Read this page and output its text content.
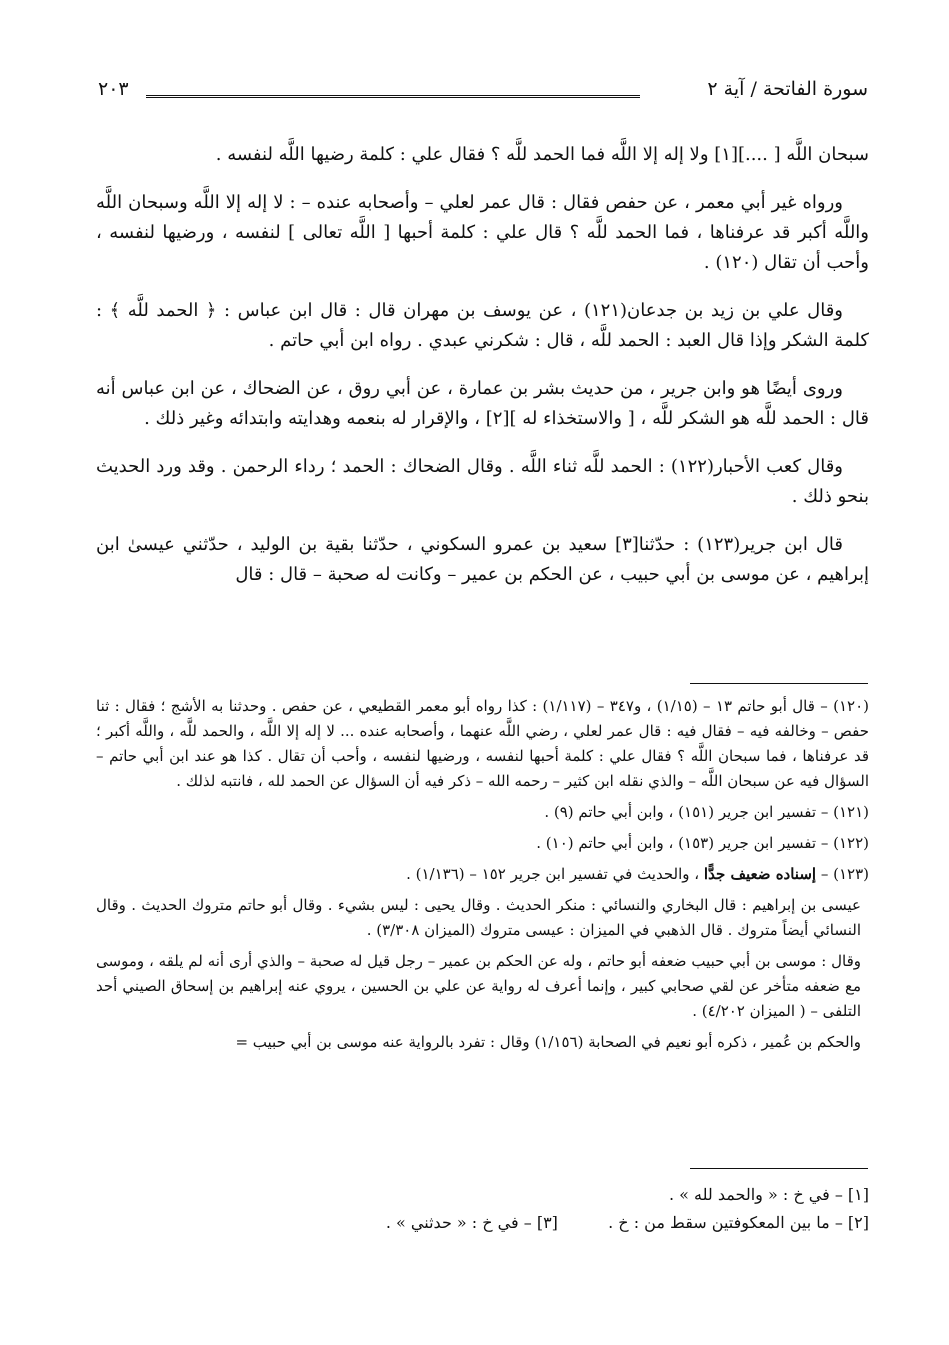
سورة الفاتحة / آية ٢
٢٠٣

سبحان اللَّه [ ....][١] ولا إله إلا اللَّه فما الحمد للَّه ؟ فقال علي : كلمة رضيها اللَّه لنفسه .

ورواه غير أبي معمر ، عن حفص فقال : قال عمر لعلي – وأصحابه عنده – : لا إله إلا اللَّه وسبحان اللَّه واللَّه أكبر قد عرفناها ، فما الحمد للَّه ؟ قال علي : كلمة أحبها [ اللَّه تعالى ] لنفسه ، ورضيها لنفسه ، وأحب أن تقال (١٢٠) .

وقال علي بن زيد بن جدعان(١٢١) ، عن يوسف بن مهران قال : قال ابن عباس : ﴿ الحمد للَّه ﴾ : كلمة الشكر وإذا قال العبد : الحمد للَّه ، قال : شكرني عبدي . رواه ابن أبي حاتم .

وروى أيضًا هو وابن جرير ، من حديث بشر بن عمارة ، عن أبي روق ، عن الضحاك ، عن ابن عباس أنه قال : الحمد للَّه هو الشكر للَّه ، [ والاستخذاء له ][٢] ، والإقرار له بنعمه وهدايته وابتدائه وغير ذلك .

وقال كعب الأحبار(١٢٢) : الحمد للَّه ثناء اللَّه . وقال الضحاك : الحمد ؛ رداء الرحمن . وقد ورد الحديث بنحو ذلك .

قال ابن جرير(١٢٣) : حدّثنا[٣] سعيد بن عمرو السكوني ، حدّثنا بقية بن الوليد ، حدّثني عيسىٰ ابن إبراهيم ، عن موسى بن أبي حبيب ، عن الحكم بن عمير – وكانت له صحبة – قال : قال

(١٢٠) – قال أبو حاتم ١٣ – (١/١٥) ، و٣٤٧ – (١/١١٧) : كذا رواه أبو معمر القطيعي ، عن حفص . وحدثنا به الأشج ؛ فقال : ثنا حفص – وخالفه فيه – فقال فيه : قال عمر لعلي ، رضي اللَّه عنهما ، وأصحابه عنده ... لا إله إلا اللَّه ، والحمد للَّه ، واللَّه أكبر ؛ قد عرفناها ، فما سبحان اللَّه ؟ فقال علي : كلمة أحبها لنفسه ، ورضيها لنفسه ، وأحب أن تقال . كذا هو عند ابن أبي حاتم – السؤال فيه عن سبحان اللَّه – والذي نقله ابن كثير – رحمه الله – ذكر فيه أن السؤال عن الحمد لله ، فانتبه لذلك .

(١٢١) – تفسير ابن جرير (١٥١) ، وابن أبي حاتم (٩) .

(١٢٢) – تفسير ابن جرير (١٥٣) ، وابن أبي حاتم (١٠) .

(١٢٣) – إسناده ضعيف جدًّا ، والحديث في تفسير ابن جرير ١٥٢ – (١/١٣٦) .

عيسى بن إبراهيم : قال البخاري والنسائي : منكر الحديث . وقال يحيى : ليس بشيء . وقال أبو حاتم متروك الحديث . وقال النسائي أيضاً متروك . قال الذهبي في الميزان : عيسى متروك (الميزان ٣/٣٠٨) .

وقال : موسى بن أبي حبيب ضعفه أبو حاتم ، وله عن الحكم بن عمير – رجل قيل له صحبة – والذي أرى أنه لم يلقه ، وموسى مع ضعفه متأخر عن لقي صحابي كبير ، وإنما أعرف له رواية عن علي بن الحسين ، يروي عنه إبراهيم بن إسحاق الصيني أحد التلفى – ( الميزان ٤/٢٠٢) .

والحكم بن عُمير ، ذكره أبو نعيم في الصحابة (١/١٥٦) وقال : تفرد بالرواية عنه موسى بن أبي حبيب =

[١] – في خ : « والحمد لله » .

[٢] – ما بين المعكوفتين سقط من : خ .  [٣] – في خ : « حدثني » .
